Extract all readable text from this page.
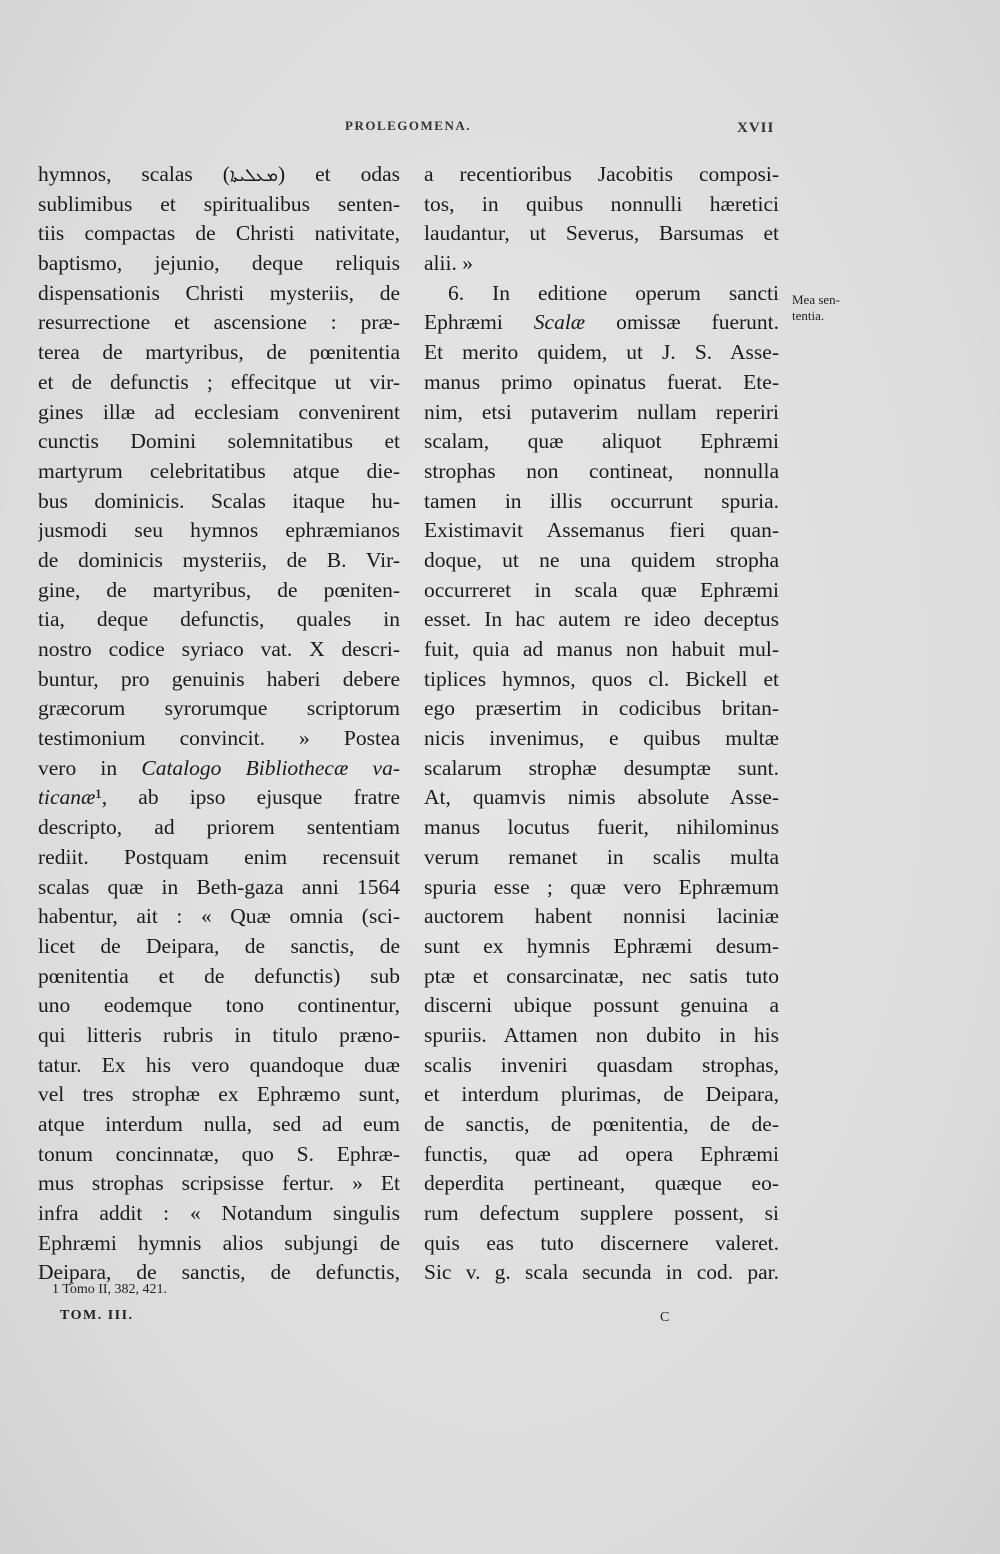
PROLEGOMENA.	XVII
hymnos, scalas (ܡܥܠܝܬܐ) et odas
sublimibus et spiritualibus senten-
tiis compactas de Christi nativitate,
baptismo, jejunio, deque reliquis
dispensationis Christi mysteriis, de
resurrectione et ascensione : præ-
terea de martyribus, de pœnitentia
et de defunctis ; effecitque ut vir-
gines illæ ad ecclesiam convenirent
cunctis Domini solemnitatibus et
martyrum celebritatibus atque die-
bus dominicis. Scalas itaque hu-
jusmodi seu hymnos ephræmianos
de dominicis mysteriis, de B. Vir-
gine, de martyribus, de pœniten-
tia, deque defunctis, quales in
nostro codice syriaco vat. X descri-
buntur, pro genuinis haberi debere
græcorum syrorumque scriptorum
testimonium convincit. » Postea
vero in Catalogo Bibliothecæ va-
ticanæ¹, ab ipso ejusque fratre
descripto, ad priorem sententiam
rediit. Postquam enim recensuit
scalas quæ in Beth-gaza anni 1564
habentur, ait : « Quæ omnia (sci-
licet de Deipara, de sanctis, de
pœnitentia et de defunctis) sub
uno eodemque tono continentur,
qui litteris rubris in titulo præno-
tatur. Ex his vero quandoque duæ
vel tres strophæ ex Ephræmo sunt,
atque interdum nulla, sed ad eum
tonum concinnatæ, quo S. Ephræ-
mus strophas scripsisse fertur. » Et
infra addit : « Notandum singulis
Ephræmi hymnis alios subjungi de
Deipara, de sanctis, de defunctis,
a recentioribus Jacobitis composi-
tos, in quibus nonnulli hæretici
laudantur, ut Severus, Barsumas et
alii. »
6. In editione operum sancti
Ephræmi Scalæ omissæ fuerunt.
Et merito quidem, ut J. S. Asse-
manus primo opinatus fuerat. Ete-
nim, etsi putaverim nullam reperiri
scalam, quæ aliquot Ephræmi
strophas non contineat, nonnulla
tamen in illis occurrunt spuria.
Existimavit Assemanus fieri quan-
doque, ut ne una quidem stropha
occurreret in scala quæ Ephræmi
esset. In hac autem re ideo deceptus
fuit, quia ad manus non habuit mul-
tiplices hymnos, quos cl. Bickell et
ego præsertim in codicibus britan-
nicis invenimus, e quibus multæ
scalarum strophæ desumptæ sunt.
At, quamvis nimis absolute Asse-
manus locutus fuerit, nihilominus
verum remanet in scalis multa
spuria esse ; quæ vero Ephræmum
auctorem habent nonnisi laciniæ
sunt ex hymnis Ephræmi desum-
ptæ et consarcinatæ, nec satis tuto
discerni ubique possunt genuina a
spuriis. Attamen non dubito in his
scalis inveniri quasdam strophas,
et interdum plurimas, de Deipara,
de sanctis, de pœnitentia, de de-
functis, quæ ad opera Ephræmi
deperdita pertineant, quæque eo-
rum defectum supplere possent, si
quis eas tuto discernere valeret.
Sic v. g. scala secunda in cod. par.
Mea sen-
tentia.
1 Tomo II, 382, 421.
TOM. III.	C
